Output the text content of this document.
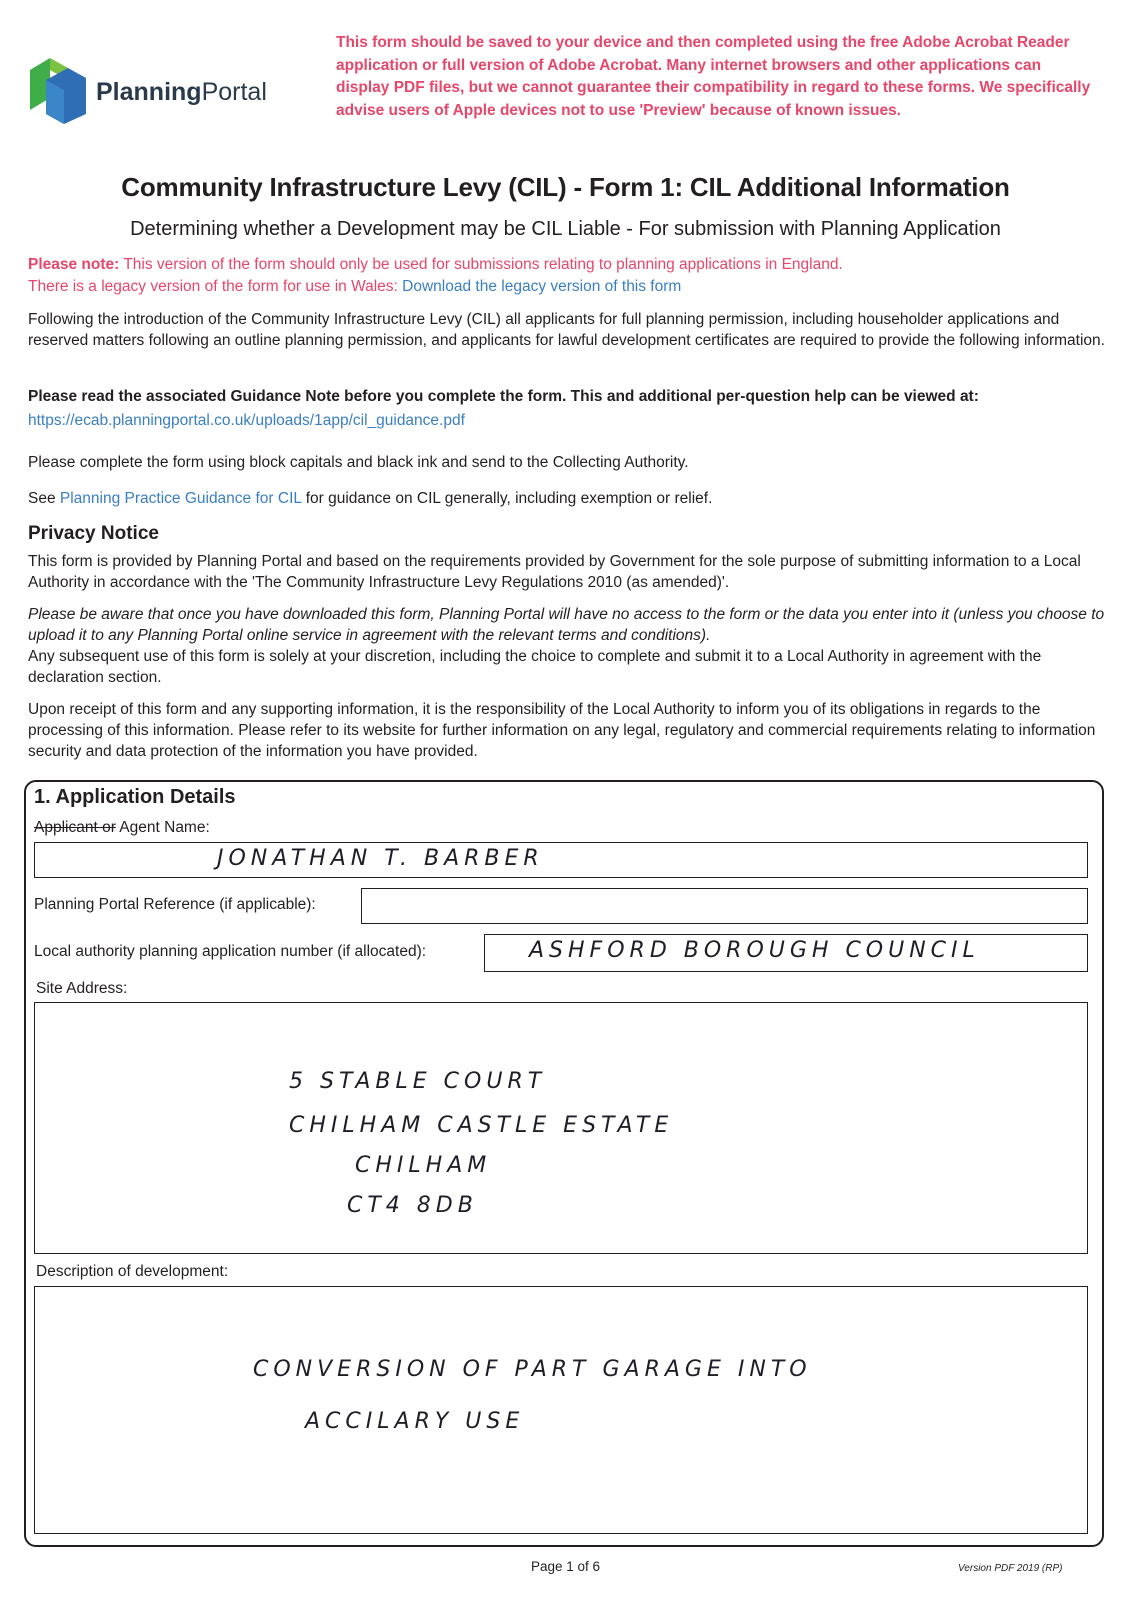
PlanningPortal
This form should be saved to your device and then completed using the free Adobe Acrobat Reader application or full version of Adobe Acrobat. Many internet browsers and other applications can display PDF files, but we cannot guarantee their compatibility in regard to these forms. We specifically advise users of Apple devices not to use 'Preview' because of known issues.
Community Infrastructure Levy (CIL) - Form 1: CIL Additional Information
Determining whether a Development may be CIL Liable - For submission with Planning Application
Please note: This version of the form should only be used for submissions relating to planning applications in England.
There is a legacy version of the form for use in Wales: Download the legacy version of this form
Following the introduction of the Community Infrastructure Levy (CIL) all applicants for full planning permission, including householder applications and reserved matters following an outline planning permission, and applicants for lawful development certificates are required to provide the following information.
Please read the associated Guidance Note before you complete the form. This and additional per-question help can be viewed at:
https://ecab.planningportal.co.uk/uploads/1app/cil_guidance.pdf
Please complete the form using block capitals and black ink and send to the Collecting Authority.
See Planning Practice Guidance for CIL for guidance on CIL generally, including exemption or relief.
Privacy Notice
This form is provided by Planning Portal and based on the requirements provided by Government for the sole purpose of submitting information to a Local Authority in accordance with the 'The Community Infrastructure Levy Regulations 2010 (as amended)'.
Please be aware that once you have downloaded this form, Planning Portal will have no access to the form or the data you enter into it (unless you choose to upload it to any Planning Portal online service in agreement with the relevant terms and conditions).
Any subsequent use of this form is solely at your discretion, including the choice to complete and submit it to a Local Authority in agreement with the declaration section.
Upon receipt of this form and any supporting information, it is the responsibility of the Local Authority to inform you of its obligations in regards to the processing of this information. Please refer to its website for further information on any legal, regulatory and commercial requirements relating to information security and data protection of the information you have provided.
1. Application Details
Applicant or Agent Name:
JONATHAN T. BARBER
Planning Portal Reference (if applicable):
Local authority planning application number (if allocated):	ASHFORD BOROUGH COUNCIL
Site Address:
5 STABLE COURT
CHILHAM CASTLE ESTATE
CHILHAM
CT4 8DB
Description of development:
CONVERSION OF PART GARAGE INTO
ACCILARY USE
Page 1 of 6	Version PDF 2019 (RP)
